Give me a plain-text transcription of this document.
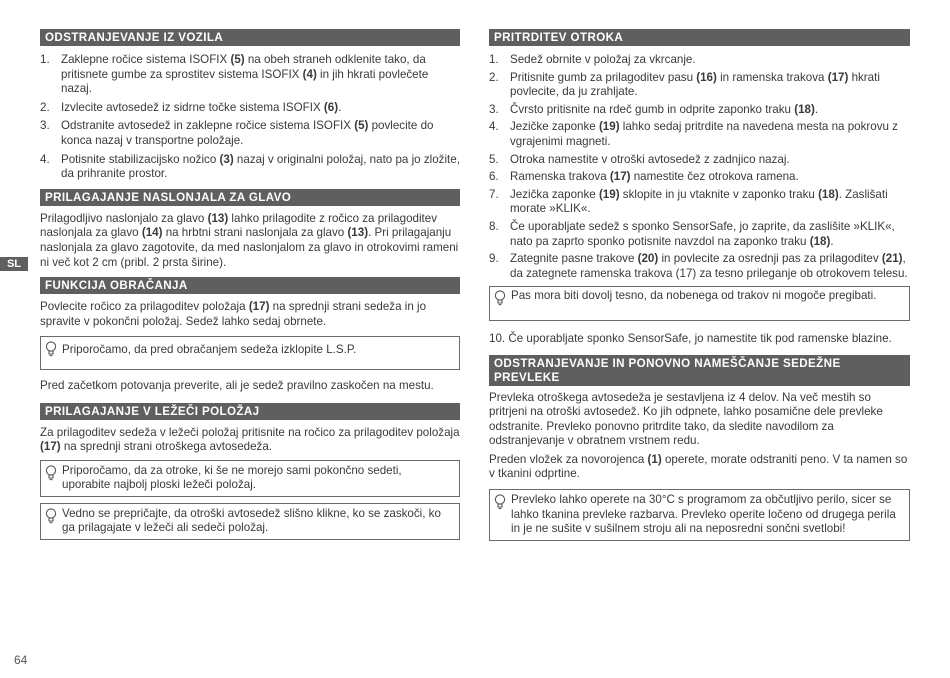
SL
ODSTRANJEVANJE IZ VOZILA
1. Zaklepne ročice sistema ISOFIX (5) na obeh straneh odklenite tako, da pritisnete gumbe za sprostitev sistema ISOFIX (4) in jih hkrati povlečete nazaj.
2. Izvlecite avtosedež iz sidrne točke sistema ISOFIX (6).
3. Odstranite avtosedež in zaklepne ročice sistema ISOFIX (5) povlecite do konca nazaj v transportne položaje.
4. Potisnite stabilizacijsko nožico (3) nazaj v originalni položaj, nato pa jo zložite, da prihranite prostor.
PRILAGAJANJE NASLONJALA ZA GLAVO

Prilagodljivo naslonjalo za glavo (13) lahko prilagodite z ročico za prilagoditev naslonjala za glavo (14) na hrbtni strani naslonjala za glavo (13). Pri prilagajanju naslonjala za glavo zagotovite, da med naslonjalom za glavo in otrokovimi rameni ni več kot 2 cm (pribl. 2 prsta širine).

FUNKCIJA OBRAČANJA

Povlecite ročico za prilagoditev položaja (17) na sprednji strani sedeža in jo spravite v pokončni položaj. Sedež lahko sedaj obrnete.

Priporočamo, da pred obračanjem sedeža izklopite L.S.P.

Pred začetkom potovanja preverite, ali je sedež pravilno zaskočen na mestu.

PRILAGAJANJE V LEŽEČI POLOŽAJ

Za prilagoditev sedeža v ležeči položaj pritisnite na ročico za prilagoditev položaja (17) na sprednji strani otroškega avtosedeža.

Priporočamo, da za otroke, ki še ne morejo sami pokončno sedeti, uporabite najbolj ploski ležeči položaj.
Vedno se prepričajte, da otroški avtosedež slišno klikne, ko se zaskoči, ko ga prilagajate v ležeči ali sedeči položaj.
PRITRDITEV OTROKA
1. Sedež obrnite v položaj za vkrcanje.
2. Pritisnite gumb za prilagoditev pasu (16) in ramenska trakova (17) hkrati povlecite, da ju zrahljate.
3. Čvrsto pritisnite na rdeč gumb in odprite zaponko traku (18).
4. Jezičke zaponke (19) lahko sedaj pritrdite na navedena mesta na pokrovu z vgrajenimi magneti.
5. Otroka namestite v otroški avtosedež z zadnjico nazaj.
6. Ramenska trakova (17) namestite čez otrokova ramena.
7. Jezička zaponke (19) sklopite in ju vtaknite v zaponko traku (18). Zaslišati morate »KLIK«.
8. Če uporabljate sedež s sponko SensorSafe, jo zaprite, da zaslišite »KLIK«, nato pa zaprto sponko potisnite navzdol na zaponko traku (18).
9. Zategnite pasne trakove (20) in povlecite za osrednji pas za prilagoditev (21), da zategnete ramenska trakova (17) za tesno prileganje ob otrokovem telesu.
Pas mora biti dovolj tesno, da nobenega od trakov ni mogoče pregibati.

10. Če uporabljate sponko SensorSafe, jo namestite tik pod ramenske blazine.

ODSTRANJEVANJE IN PONOVNO NAMEŠČANJE SEDEŽNE PREVLEKE

Prevleka otroškega avtosedeža je sestavljena iz 4 delov. Na več mestih so pritrjeni na otroški avtosedež. Ko jih odpnete, lahko posamične dele prevleke odstranite. Prevleko ponovno pritrdite tako, da sledite navodilom za odstranjevanje v obratnem vrstnem redu.

Preden vložek za novorojenca (1) operete, morate odstraniti peno. V ta namen so v tkanini odprtine.

Prevleko lahko operete na 30°C s programom za občutljivo perilo, sicer se lahko tkanina prevleke razbarva. Prevleko operite ločeno od drugega perila in je ne sušite v sušilnem stroju ali na neposredni sončni svetlobi!
64
